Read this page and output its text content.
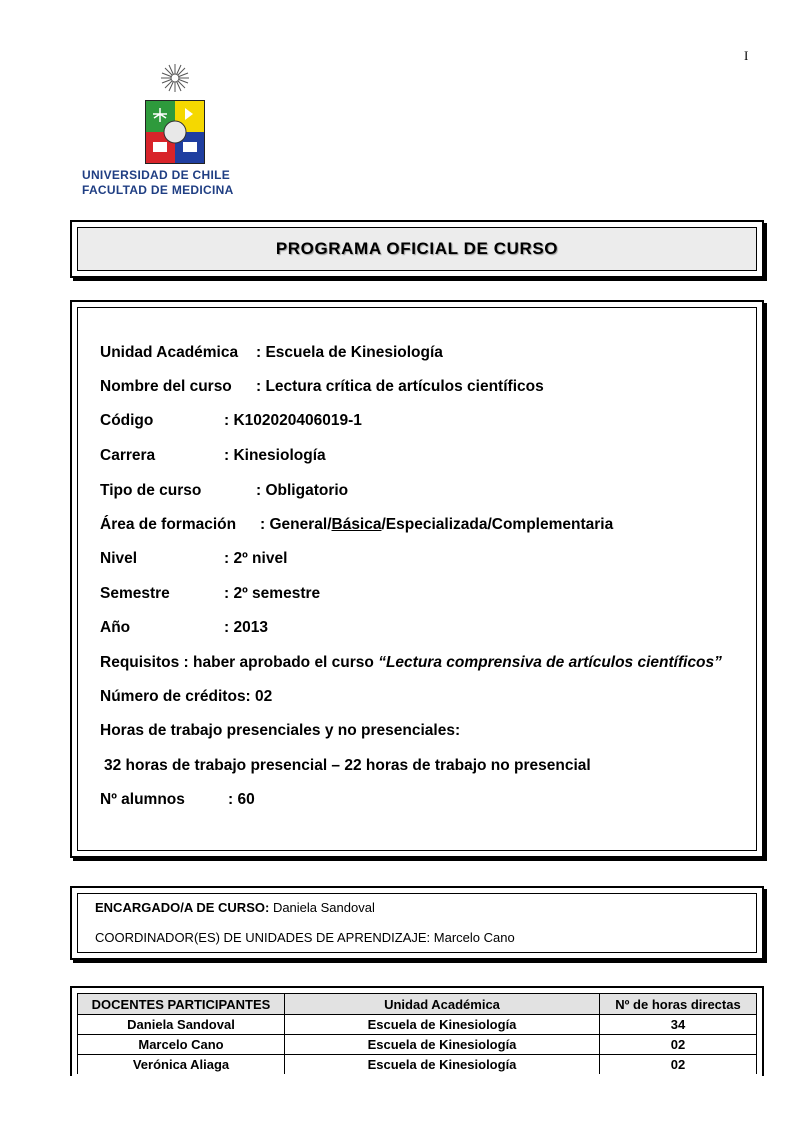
I
UNIVERSIDAD DE CHILE
FACULTAD DE MEDICINA
PROGRAMA OFICIAL DE CURSO
Unidad Académica : Escuela de Kinesiología
Nombre del curso : Lectura crítica de artículos científicos
Código	: K102020406019-1
Carrera	: Kinesiología
Tipo de curso	: Obligatorio
Área de formación : General/Básica/Especializada/Complementaria
Nivel	: 2º nivel
Semestre	: 2º semestre
Año	: 2013
Requisitos : haber aprobado el curso “Lectura comprensiva de artículos científicos”
Número de créditos: 02
Horas de trabajo presenciales y no presenciales:
32 horas de trabajo presencial – 22 horas de trabajo no presencial
Nº alumnos	: 60
ENCARGADO/A DE CURSO: Daniela Sandoval
COORDINADOR(ES) DE UNIDADES DE APRENDIZAJE: Marcelo Cano
DOCENTES PARTICIPANTES	Unidad Académica	Nº de horas directas
Daniela Sandoval	Escuela de Kinesiología	34
Marcelo Cano	Escuela de Kinesiología	02
Verónica Aliaga	Escuela de Kinesiología	02
